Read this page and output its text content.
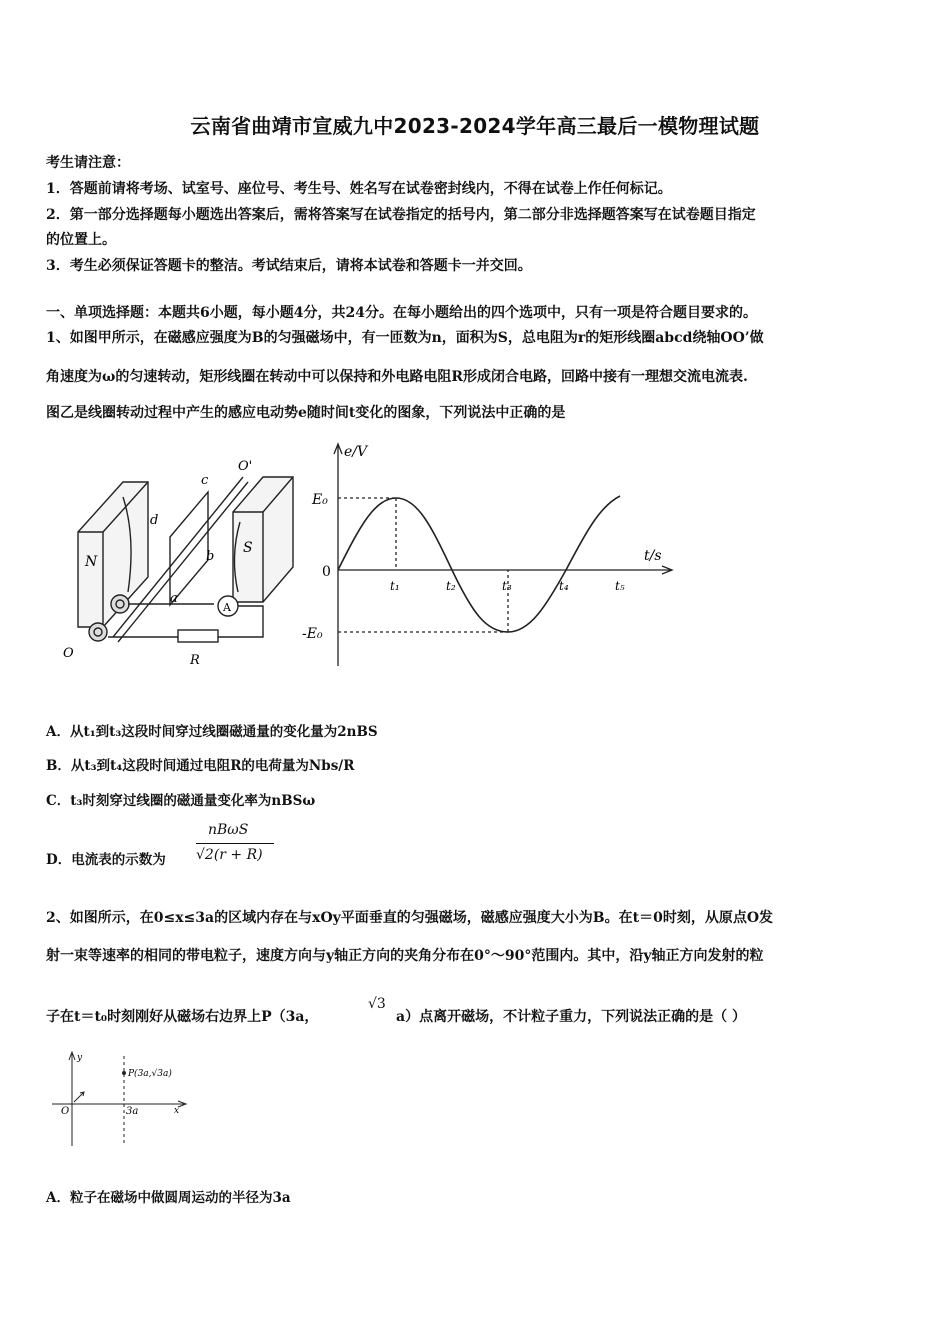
云南省曲靖市宣威九中2023-2024学年高三最后一模物理试题
考生请注意：
1．答题前请将考场、试室号、座位号、考生号、姓名写在试卷密封线内，不得在试卷上作任何标记。
2．第一部分选择题每小题选出答案后，需将答案写在试卷指定的括号内，第二部分非选择题答案写在试卷题目指定
的位置上。
3．考生必须保证答题卡的整洁。考试结束后，请将本试卷和答题卡一并交回。
一、单项选择题：本题共6小题，每小题4分，共24分。在每小题给出的四个选项中，只有一项是符合题目要求的。
1、如图甲所示，在磁感应强度为B的匀强磁场中，有一匝数为n，面积为S，总电阻为r的矩形线圈abcd绕轴OO’做
角速度为ω的匀速转动，矩形线圈在转动中可以保持和外电路电阻R形成闭合电路，回路中接有一理想交流电流表.
图乙是线圈转动过程中产生的感应电动势e随时间t变化的图象，下列说法中正确的是
N
S
d
c
b
a
O'
O
A
R
e/V
t/s
0
E₀
-E₀
t₁	t₂	t₃	t₄	t₅
A．从t₁到t₃这段时间穿过线圈磁通量的变化量为2nBS
B．从t₃到t₄这段时间通过电阻R的电荷量为Nbs/R
C．t₃时刻穿过线圈的磁通量变化率为nBSω
D．电流表的示数为
nBωS
√2(r + R)
2、如图所示，在0≤x≤3a的区域内存在与xOy平面垂直的匀强磁场，磁感应强度大小为B。在t＝0时刻，从原点O发
射一束等速率的相同的带电粒子，速度方向与y轴正方向的夹角分布在0°～90°范围内。其中，沿y轴正方向发射的粒
子在t＝t₀时刻刚好从磁场右边界上P（3a，
√3
a）点离开磁场，不计粒子重力，下列说法正确的是（ ）
y
x
O	3a
P(3a,√3a)
A．粒子在磁场中做圆周运动的半径为3a
